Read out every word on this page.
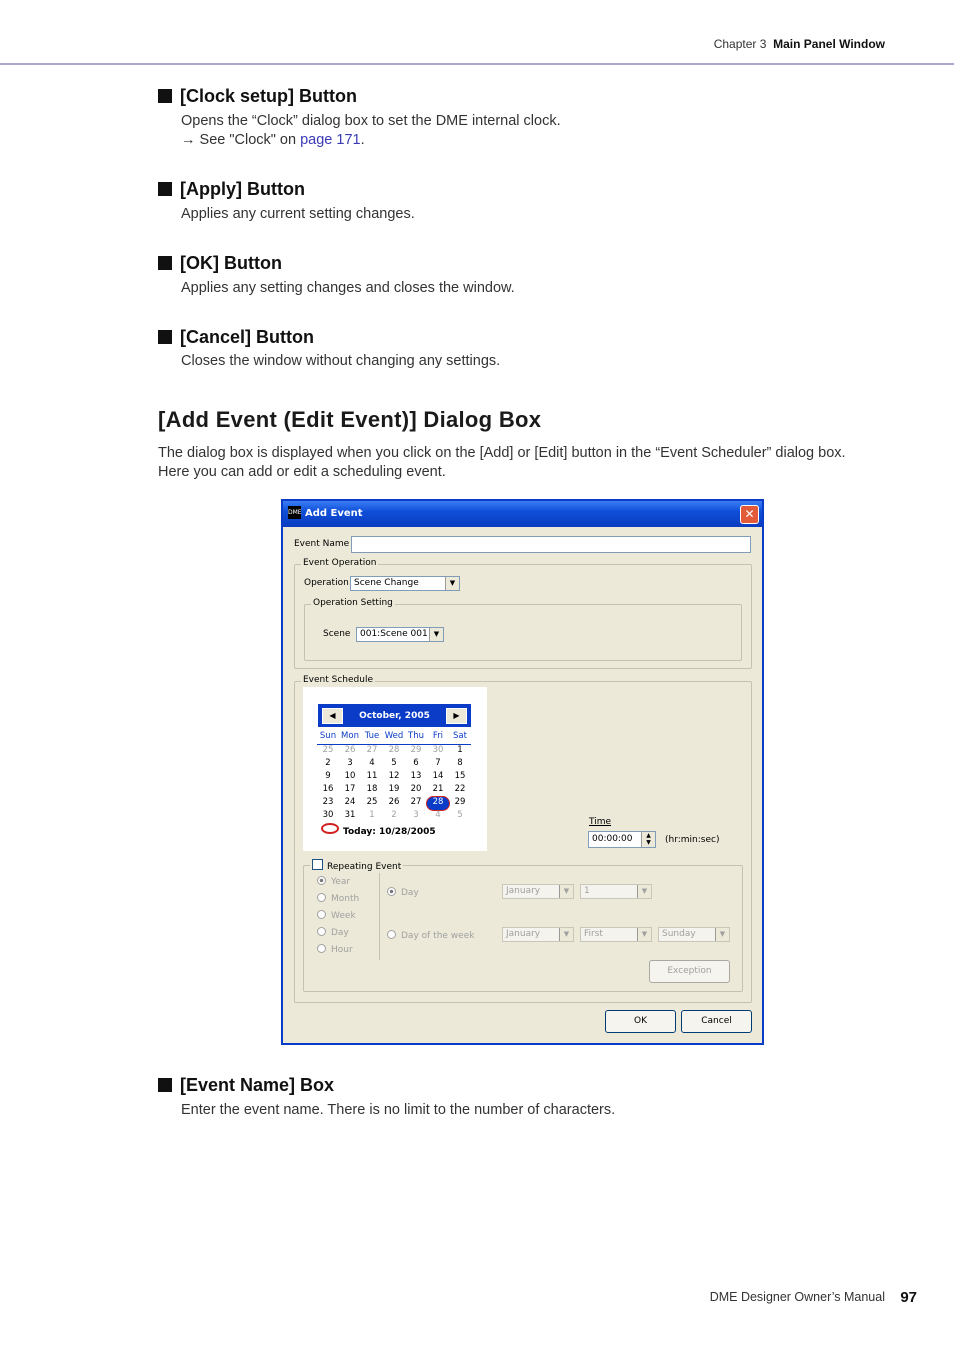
Chapter 3 Main Panel Window
[Clock setup] Button
Opens the “Clock” dialog box to set the DME internal clock.
→ See "Clock" on page 171.
[Apply] Button
Applies any current setting changes.
[OK] Button
Applies any setting changes and closes the window.
[Cancel] Button
Closes the window without changing any settings.
[Add Event (Edit Event)] Dialog Box
The dialog box is displayed when you click on the [Add] or [Edit] button in the “Event Scheduler” dialog box. Here you can add or edit a scheduling event.
DME Add Event	✕
Event Name
Event Operation
Operation Scene Change	▼
Operation Setting
Scene	001:Scene 001 ▼
Event Schedule
◀	October, 2005	▶
Sun Mon Tue Wed Thu	Fri	Sat
25	26	27	28	29	30	1
2	3	4	5	6	7	8
9	10	11	12	13	14	15
16	17	18	19	20	21	22
23	24	25	26	27	28	29
30	31	1	2	3	4	5
Today: 10/28/2005
Time
00:00:00	▲
▼	(hr:min:sec)
Repeating Event
Year
Month
Week
Day
Hour
Day	January	▼	1	▼
Day of the week	January	▼	First	▼	Sunday	▼
Exception
OK	Cancel
[Event Name] Box
Enter the event name. There is no limit to the number of characters.
DME Designer Owner’s Manual 97
